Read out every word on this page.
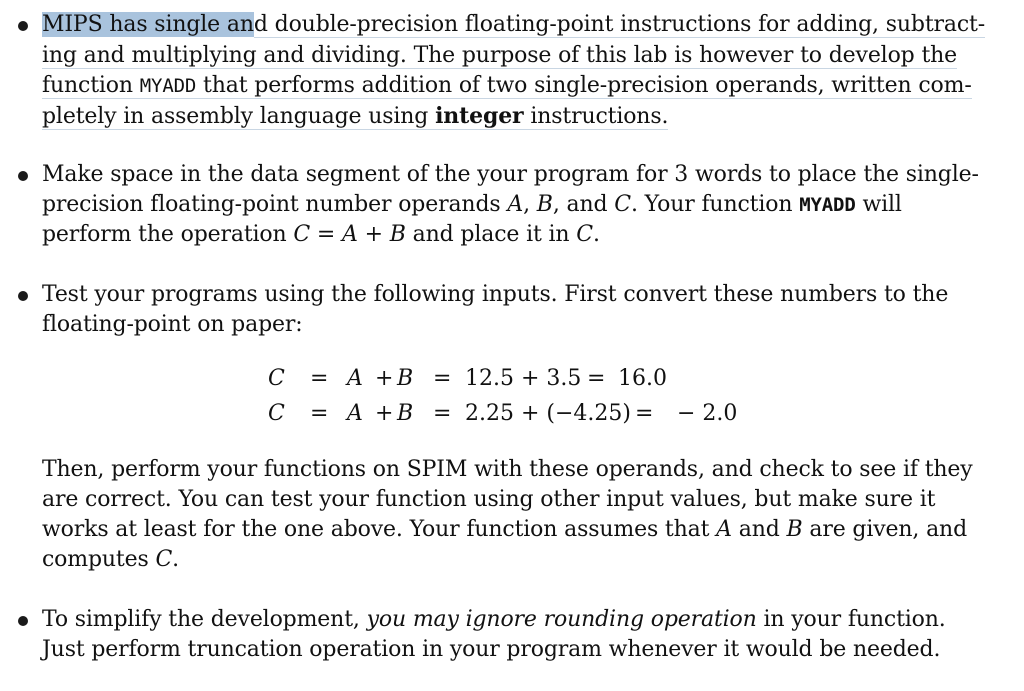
MIPS has single and double-precision floating-point instructions for adding, subtract-
ing and multiplying and dividing. The purpose of this lab is however to develop the
function MYADD that performs addition of two single-precision operands, written com-
pletely in assembly language using integer instructions.
Make space in the data segment of the your program for 3 words to place the single-
precision floating-point number operands A, B, and C. Your function MYADD will
perform the operation C = A + B and place it in C.
Test your programs using the following inputs. First convert these numbers to the
floating-point on paper:
C = A + B = 12.5 + 3.5 = 16.0
C = A + B = 2.25 + (−4.25) = − 2.0
Then, perform your functions on SPIM with these operands, and check to see if they
are correct. You can test your function using other input values, but make sure it
works at least for the one above. Your function assumes that A and B are given, and
computes C.
To simplify the development, you may ignore rounding operation in your function.
Just perform truncation operation in your program whenever it would be needed.
